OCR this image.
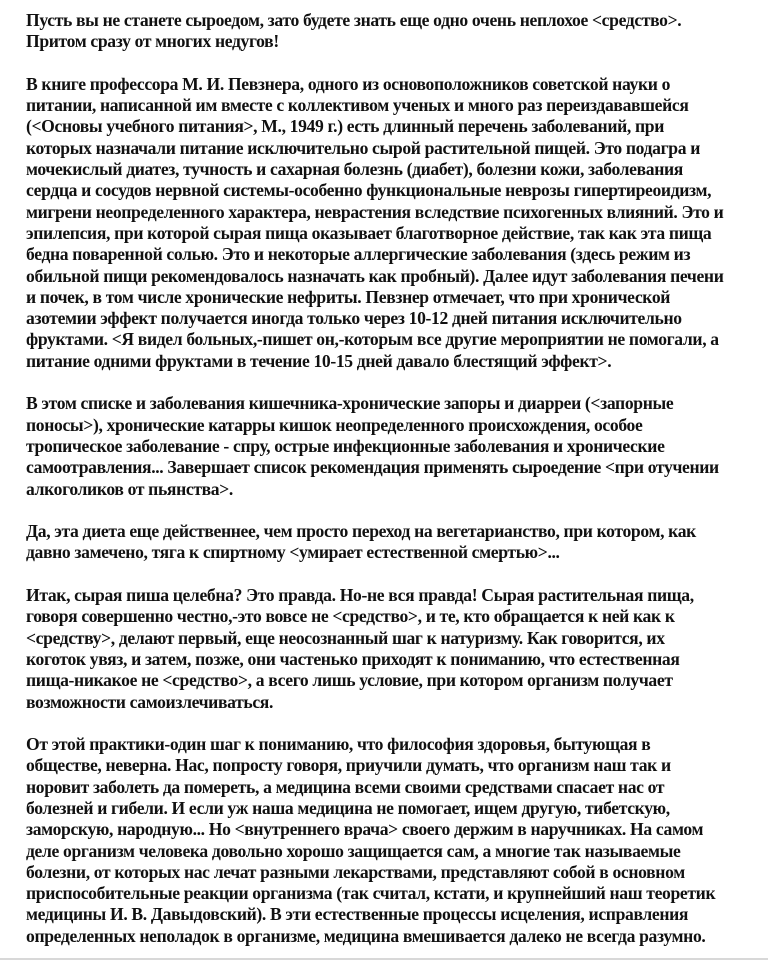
Пусть вы не станете сыроедом, зато будете знать еще одно очень неплохое <средство>.
Притом сразу от многих недугов!
В книге профессора М. И. Певзнера, одного из основоположников советской науки о
питании, написанной им вместе с коллективом ученых и много раз переиздававшейся
(<Основы учебного питания>, М., 1949 г.) есть длинный перечень заболеваний, при
которых назначали питание исключительно сырой растительной пищей. Это подагра и
мочекислый диатез, тучность и сахарная болезнь (диабет), болезни кожи, заболевания
сердца и сосудов нервной системы-особенно функциональные неврозы гипертиреоидизм,
мигрени неопределенного характера, неврастения вследствие психогенных влияний. Это и
эпилепсия, при которой сырая пища оказывает благотворное действие, так как эта пища
бедна поваренной солью. Это и некоторые аллергические заболевания (здесь режим из
обильной пищи рекомендовалось назначать как пробный). Далее идут заболевания печени
и почек, в том числе хронические нефриты. Певзнер отмечает, что при хронической
азотемии эффект получается иногда только через 10-12 дней питания исключительно
фруктами. <Я видел больных,-пишет он,-которым все другие мероприятии не помогали, а
питание одними фруктами в течение 10-15 дней давало блестящий эффект>.
В этом списке и заболевания кишечника-хронические запоры и диарреи (<запорные
поносы>), хронические катарры кишок неопределенного происхождения, особое
тропическое заболевание - спру, острые инфекционные заболевания и хронические
самоотравления... Завершает список рекомендация применять сыроедение <при отучении
алкоголиков от пьянства>.
Да, эта диета еще действеннее, чем просто переход на вегетарианство, при котором, как
давно замечено, тяга к спиртному <умирает естественной смертью>...
Итак, сырая пиша целебна? Это правда. Но-не вся правда! Сырая растительная пища,
говоря совершенно честно,-это вовсе не <средство>, и те, кто обращается к ней как к
<средству>, делают первый, еще неосознанный шаг к натуризму. Как говорится, их
коготок увяз, и затем, позже, они частенько приходят к пониманию, что естественная
пища-никакое не <средство>, а всего лишь условие, при котором организм получает
возможности самоизлечиваться.
От этой практики-один шаг к пониманию, что философия здоровья, бытующая в
обществе, неверна. Нас, попросту говоря, приучили думать, что организм наш так и
норовит заболеть да помереть, а медицина всеми своими средствами спасает нас от
болезней и гибели. И если уж наша медицина не помогает, ищем другую, тибетскую,
заморскую, народную... Но <внутреннего врача> своего держим в наручниках. На самом
деле организм человека довольно хорошо защищается сам, а многие так называемые
болезни, от которых нас лечат разными лекарствами, представляют собой в основном
приспособительные реакции организма (так считал, кстати, и крупнейший наш теоретик
медицины И. В. Давыдовский). В эти естественные процессы исцеления, исправления
определенных неполадок в организме, медицина вмешивается далеко не всегда разумно.
